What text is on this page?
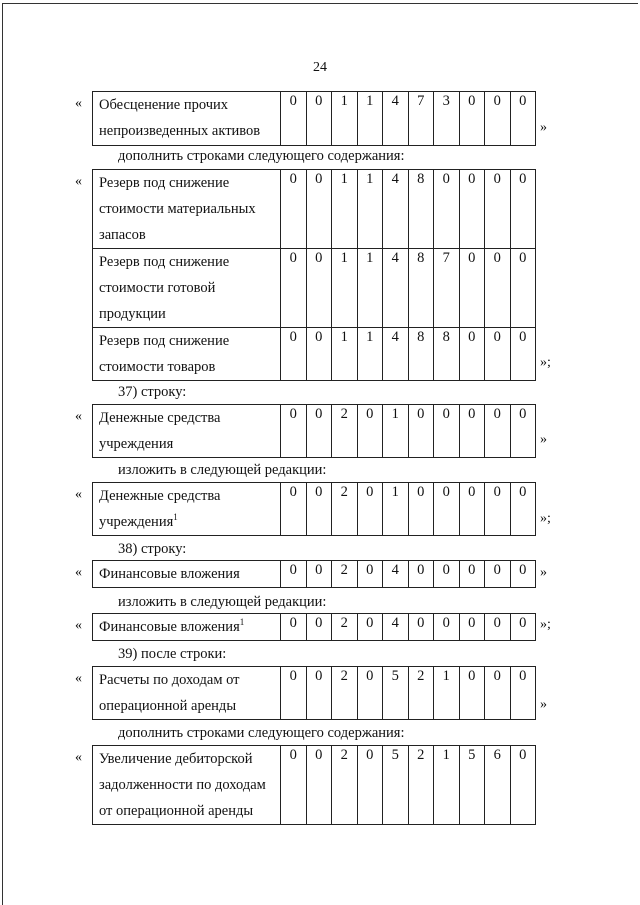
24
дополнить строками следующего содержания:
37) строку:
изложить в следующей редакции:
38) строку:
изложить в следующей редакции:
39) после строки:
дополнить строками следующего содержания:
« Обесценение прочих
непроизведенных активов
	0	0	1	1	4	7	3	0	0	0
»
« Резерв под снижение
стоимости материальных
запасов	0	0	1	1	4	8	0	0	0	0

Резерв под снижение
стоимости готовой
продукции	0	0	1	1	4	8	7	0	0	0

Резерв под снижение
стоимости товаров	0	0	1	1	4	8	8	0	0	0
»;
« Денежные средства
учреждения
	0	0	2	0	1	0	0	0	0	0
»
« Денежные средства
учреждения$^1$
	0	0	2	0	1	0	0	0	0	0
»;
« Финансовые вложения	0	0	2	0	4	0	0	0	0	0 »
« Финансовые вложения$^1$	0	0	2	0	4	0	0	0	0	0 »;
« Расчеты по доходам от
операционной аренды
	0	0	2	0	5	2	1	0	0	0
»
« Увеличение дебиторской
задолженности по доходам
от операционной аренды
	0	0	2	0	5	2	1	5	6	0
